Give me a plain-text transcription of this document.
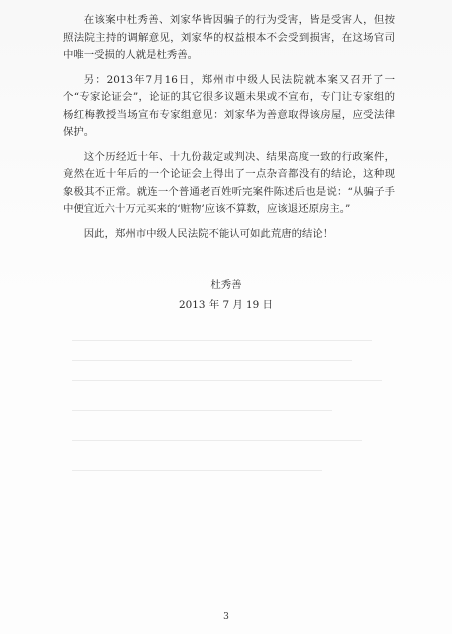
在该案中杜秀善、刘家华皆因骗子的行为受害，皆是受害人，但按照法院主持的调解意见，刘家华的权益根本不会受到损害，在这场官司中唯一受损的人就是杜秀善。

另：2013年7月16日，郑州市中级人民法院就本案又召开了一个“专家论证会”，论证的其它很多议题未果或不宣布，专门让专家组的杨红梅教授当场宣布专家组意见：刘家华为善意取得该房屋，应受法律保护。

这个历经近十年、十九份裁定或判决、结果高度一致的行政案件，竟然在近十年后的一个论证会上得出了一点杂音都没有的结论，这种现象极其不正常。就连一个普通老百姓听完案件陈述后也是说：“从骗子手中便宜近六十万元买来的‘赃物’应该不算数，应该退还原房主。”

因此，郑州市中级人民法院不能认可如此荒唐的结论！

杜秀善
2013 年 7 月 19 日
3
